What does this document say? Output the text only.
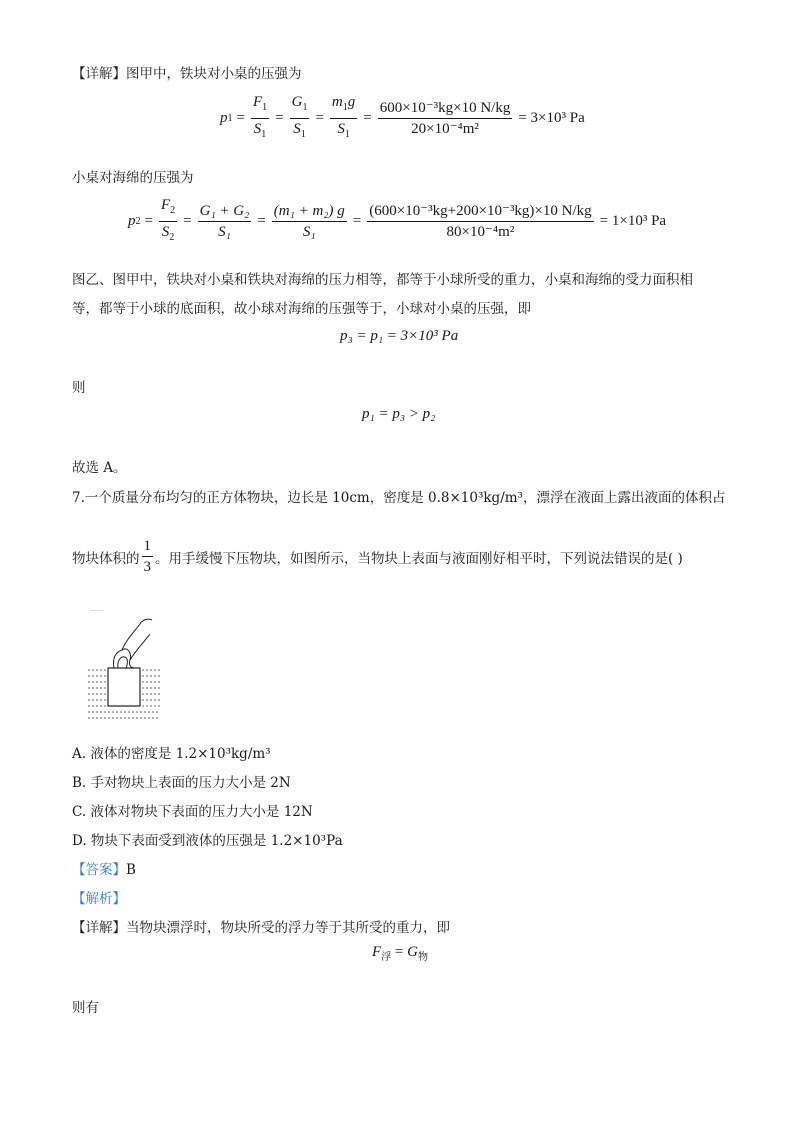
【详解】图甲中，铁块对小桌的压强为
p $1 = \frac{F_1}{S_1} = \frac{G_1}{S_1} = \frac{m_1g}{S_1} = \frac{\text{600×10⁻³kg×10 N/kg}}{\text{20×10⁻⁴m²}} = 3\times 10^3$ Pa
小桌对海绵的压强为
p $2 = \frac{F_2}{S_2} = \frac{\text{G₁ + G₂}}{\text{S₁}} = \frac{\text{(m₁ + m₂) g}}{\text{S₁}} = \frac{\text{(600×10⁻³kg+200×10⁻³kg)×10 N/kg}}{\text{80×10⁻⁴m²}} = 1\times 10^3$ Pa
图乙、图甲中，铁块对小桌和铁块对海绵的压力相等，都等于小球所受的重力，小桌和海绵的受力面积相
等，都等于小球的底面积，故小球对海绵的压强等于，小球对小桌的压强，即
p₃ = p₁ = 3×10³ Pa
则
p₁ = p₃ > p₂
故选 A。
7.一个质量分布均匀的正方体物块，边长是 10cm，密度是 0.8×10³kg/m³，漂浮在液面上露出液面的体积占
物块体积的 $\frac{1}{3}$ 。用手缓慢下压物块，如图所示，当物块上表面与液面刚好相平时，下列说法错误的是( )
A. 液体的密度是 1.2×10³kg/m³
B. 手对物块上表面的压力大小是 2N
C. 液体对物块下表面的压力大小是 12N
D. 物块下表面受到液体的压强是 1.2×10³Pa
【答案】B
【解析】
【详解】当物块漂浮时，物块所受的浮力等于其所受的重力，即
$F_浮 = G_物$
则有
